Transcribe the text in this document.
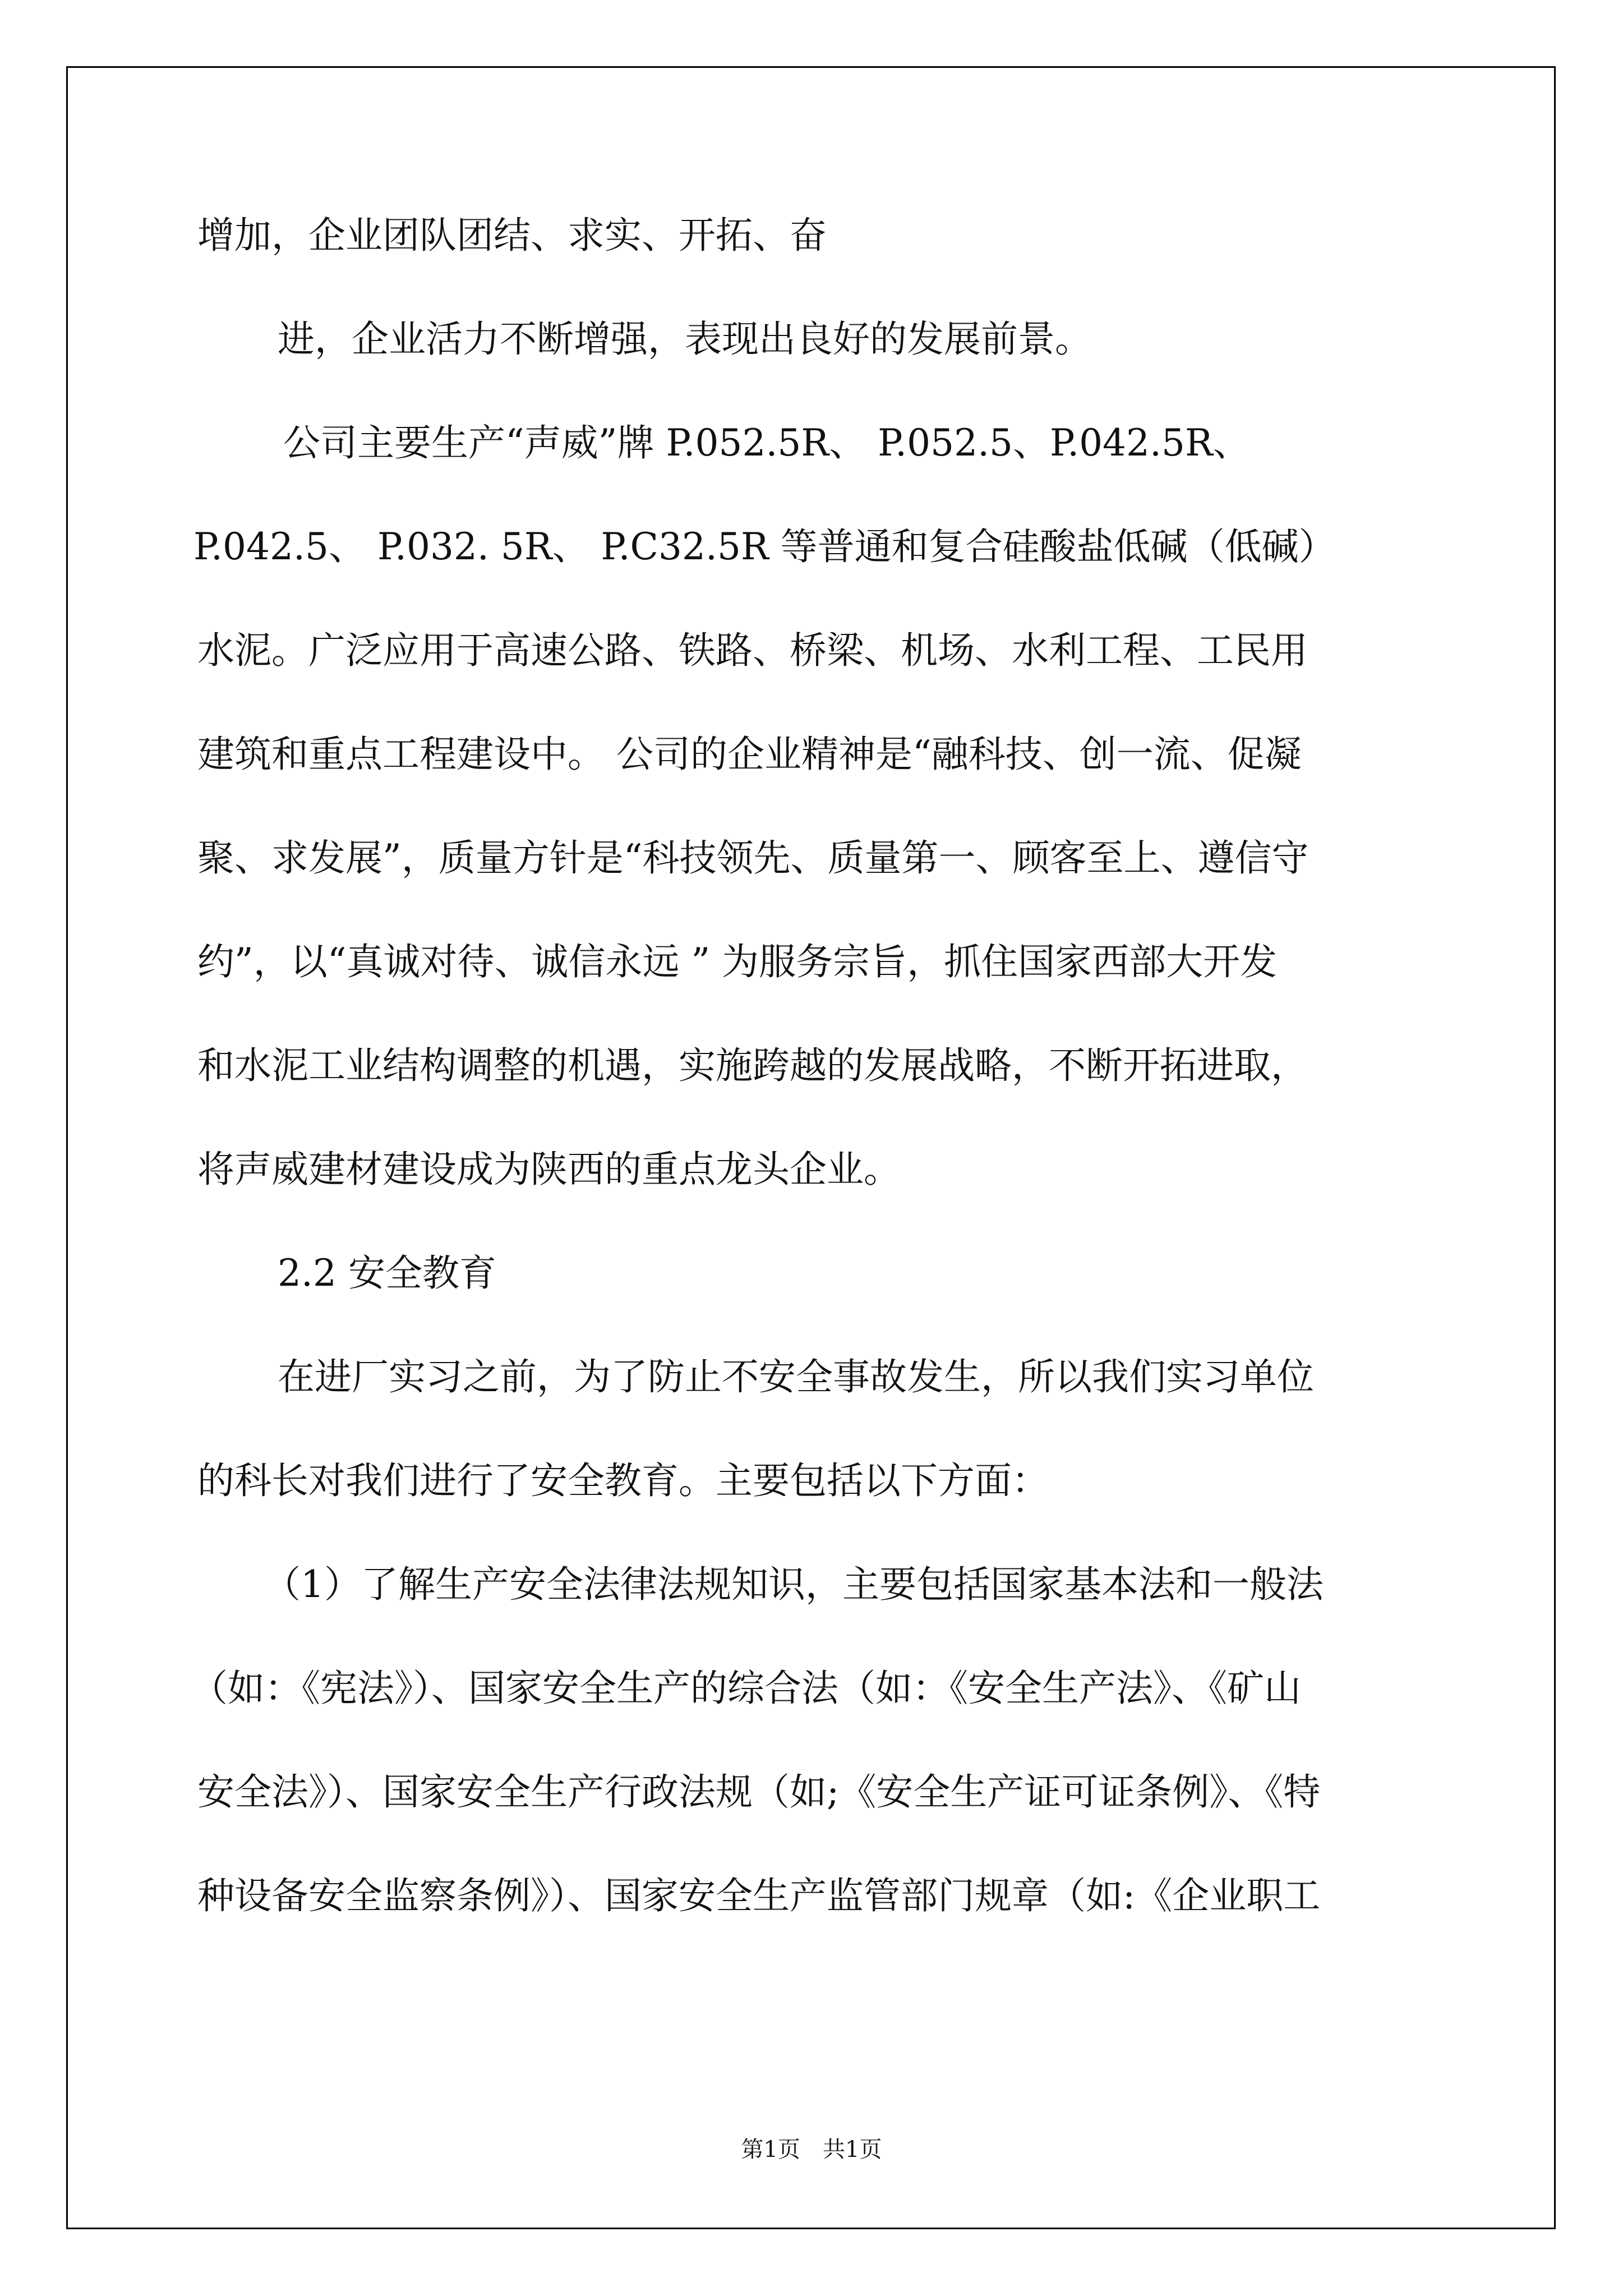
增加，企业团队团结、求实、开拓、奋
进，企业活力不断增强，表现出良好的发展前景。
公司主要生产“声威”牌 P.052.5R、 P.052.5、P.042.5R、
P.042.5、 P.032. 5R、 P.C32.5R 等普通和复合硅酸盐低碱（低碱）
水泥。广泛应用于高速公路、铁路、桥梁、机场、水利工程、工民用
建筑和重点工程建设中。 公司的企业精神是“融科技、创一流、促凝
聚、求发展”，质量方针是“科技领先、质量第一、顾客至上、遵信守
约”，以“真诚对待、诚信永远 ” 为服务宗旨，抓住国家西部大开发
和水泥工业结构调整的机遇，实施跨越的发展战略，不断开拓进取，
将声威建材建设成为陕西的重点龙头企业。
2.2 安全教育
在进厂实习之前，为了防止不安全事故发生，所以我们实习单位
的科长对我们进行了安全教育。主要包括以下方面：
（1）了解生产安全法律法规知识，主要包括国家基本法和一般法
（如：《宪法》）、国家安全生产的综合法（如：《安全生产法》、《矿山
安全法》）、国家安全生产行政法规（如;《安全生产证可证条例》、《特
种设备安全监察条例》）、国家安全生产监管部门规章（如:《企业职工
第1页　共1页
